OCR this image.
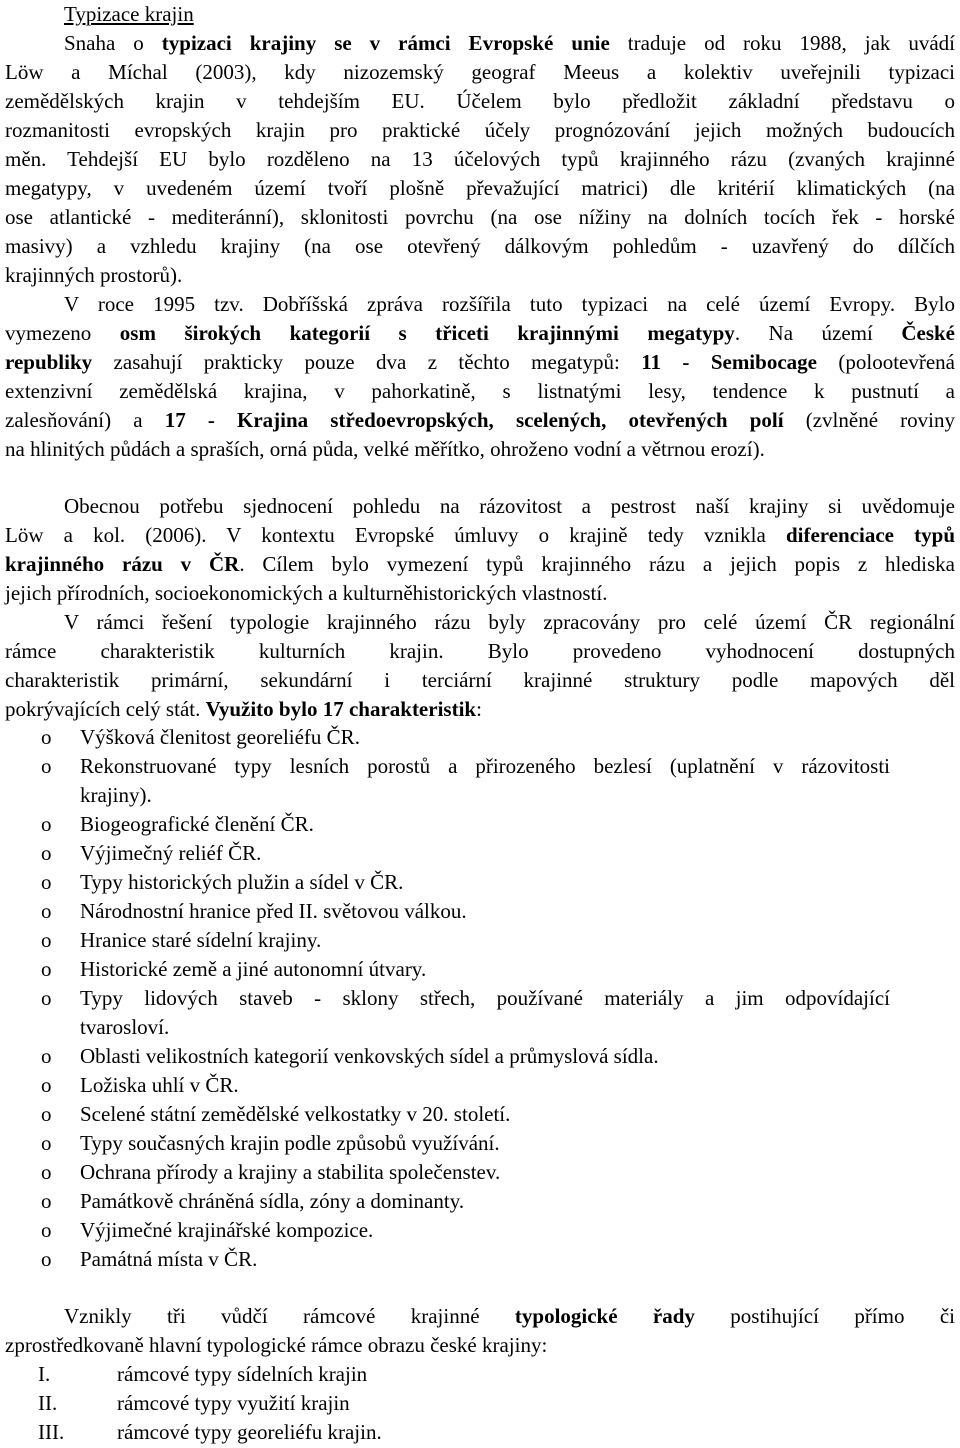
Typizace krajin
Snaha o typizaci krajiny se v rámci Evropské unie traduje od roku 1988, jak uvádí
Löw a Míchal (2003), kdy nizozemský geograf Meeus a kolektiv uveřejnili typizaci
zemědělských krajin v tehdejším EU. Účelem bylo předložit základní představu o
rozmanitosti evropských krajin pro praktické účely prognózování jejich možných budoucích
měn. Tehdejší EU bylo rozděleno na 13 účelových typů krajinného rázu (zvaných krajinné
megatypy, v uvedeném území tvoří plošně převažující matrici) dle kritérií klimatických (na
ose atlantické - mediteránní), sklonitosti povrchu (na ose nížiny na dolních tocích řek - horské
masivy) a vzhledu krajiny (na ose otevřený dálkovým pohledům - uzavřený do dílčích
krajinných prostorů).
V roce 1995 tzv. Dobříšská zpráva rozšířila tuto typizaci na celé území Evropy. Bylo
vymezeno osm širokých kategorií s třiceti krajinnými megatypy. Na území České
republiky zasahují prakticky pouze dva z těchto megatypů: 11 - Semibocage (polootevřená
extenzivní zemědělská krajina, v pahorkatině, s listnatými lesy, tendence k pustnutí a
zalesňování) a 17 - Krajina středoevropských, scelených, otevřených polí (zvlněné roviny
na hlinitých půdách a spraších, orná půda, velké měřítko, ohroženo vodní a větrnou erozí).
Obecnou potřebu sjednocení pohledu na rázovitost a pestrost naší krajiny si uvědomuje
Löw a kol. (2006). V kontextu Evropské úmluvy o krajině tedy vznikla diferenciace typů
krajinného rázu v ČR. Cílem bylo vymezení typů krajinného rázu a jejich popis z hlediska
jejich přírodních, socioekonomických a kulturněhistorických vlastností.
V rámci řešení typologie krajinného rázu byly zpracovány pro celé území ČR regionální
rámce charakteristik kulturních krajin. Bylo provedeno vyhodnocení dostupných
charakteristik primární, sekundární i terciární krajinné struktury podle mapových děl
pokrývajících celý stát. Využito bylo 17 charakteristik:
o Výšková členitost georeliéfu ČR.
o Rekonstruované typy lesních porostů a přirozeného bezlesí (uplatnění v rázovitosti
krajiny).
o Biogeografické členění ČR.
o Výjimečný reliéf ČR.
o Typy historických plužin a sídel v ČR.
o Národnostní hranice před II. světovou válkou.
o Hranice staré sídelní krajiny.
o Historické země a jiné autonomní útvary.
o Typy lidových staveb - sklony střech, používané materiály a jim odpovídající
tvarosloví.
o Oblasti velikostních kategorií venkovských sídel a průmyslová sídla.
o Ložiska uhlí v ČR.
o Scelené státní zemědělské velkostatky v 20. století.
o Typy současných krajin podle způsobů využívání.
o Ochrana přírody a krajiny a stabilita společenstev.
o Památkově chráněná sídla, zóny a dominanty.
o Výjimečné krajinářské kompozice.
o Památná místa v ČR.
Vznikly tři vůdčí rámcové krajinné typologické řady postihující přímo či
zprostředkovaně hlavní typologické rámce obrazu české krajiny:
I.	rámcové typy sídelních krajin
II.	rámcové typy využití krajin
III.	rámcové typy georeliéfu krajin.
